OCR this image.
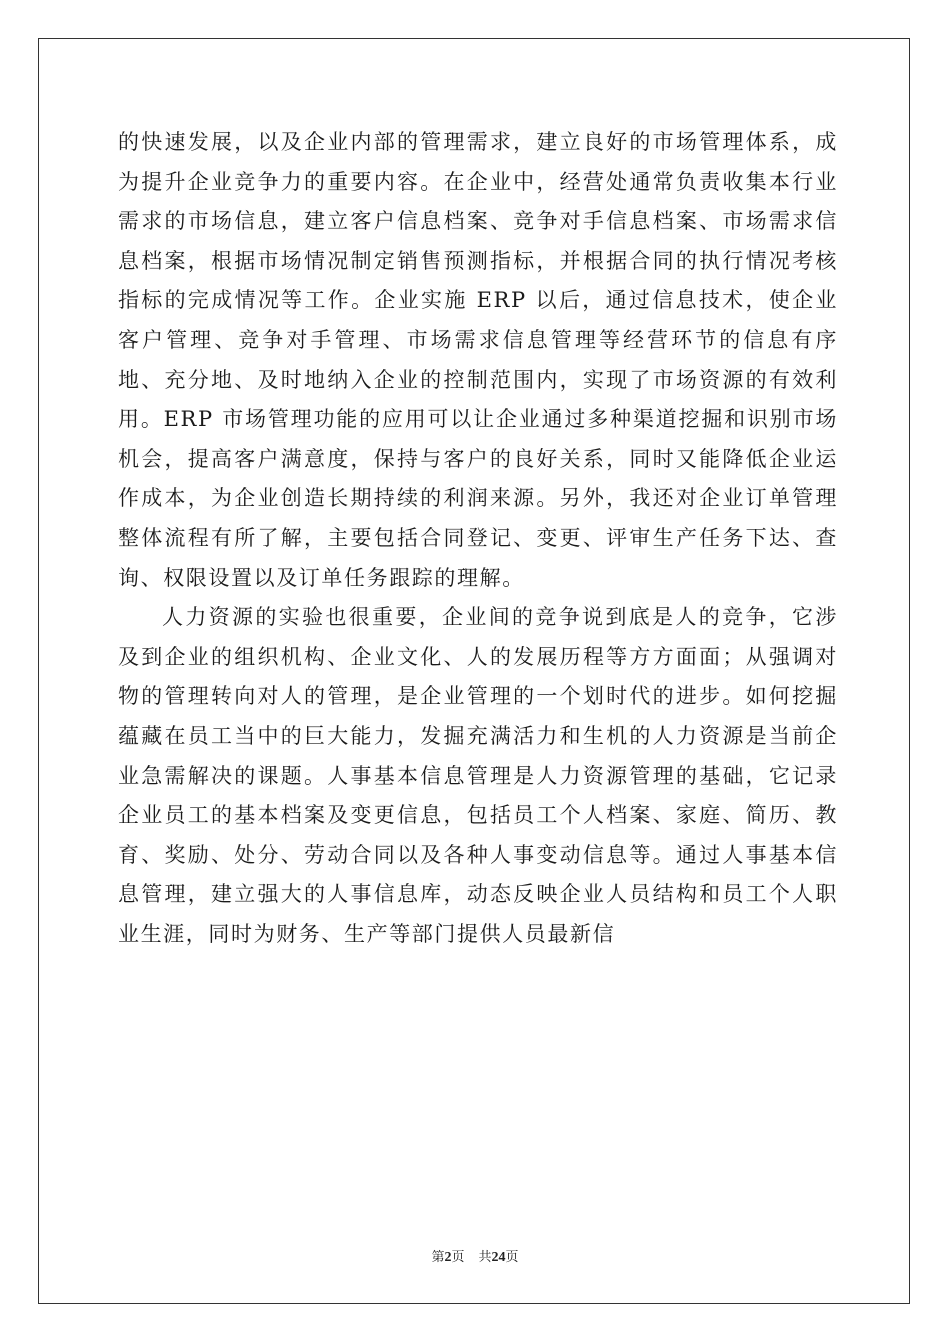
的快速发展，以及企业内部的管理需求，建立良好的市场管理体系，成为提升企业竞争力的重要内容。在企业中，经营处通常负责收集本行业需求的市场信息，建立客户信息档案、竞争对手信息档案、市场需求信息档案，根据市场情况制定销售预测指标，并根据合同的执行情况考核指标的完成情况等工作。企业实施 ERP 以后，通过信息技术，使企业客户管理、竞争对手管理、市场需求信息管理等经营环节的信息有序地、充分地、及时地纳入企业的控制范围内，实现了市场资源的有效利用。ERP 市场管理功能的应用可以让企业通过多种渠道挖掘和识别市场机会，提高客户满意度，保持与客户的良好关系，同时又能降低企业运作成本，为企业创造长期持续的利润来源。另外，我还对企业订单管理整体流程有所了解，主要包括合同登记、变更、评审生产任务下达、查询、权限设置以及订单任务跟踪的理解。

人力资源的实验也很重要，企业间的竞争说到底是人的竞争，它涉及到企业的组织机构、企业文化、人的发展历程等方方面面；从强调对物的管理转向对人的管理，是企业管理的一个划时代的进步。如何挖掘蕴藏在员工当中的巨大能力，发掘充满活力和生机的人力资源是当前企业急需解决的课题。人事基本信息管理是人力资源管理的基础，它记录企业员工的基本档案及变更信息，包括员工个人档案、家庭、简历、教育、奖励、处分、劳动合同以及各种人事变动信息等。通过人事基本信息管理，建立强大的人事信息库，动态反映企业人员结构和员工个人职业生涯，同时为财务、生产等部门提供人员最新信

第2页 共24页
